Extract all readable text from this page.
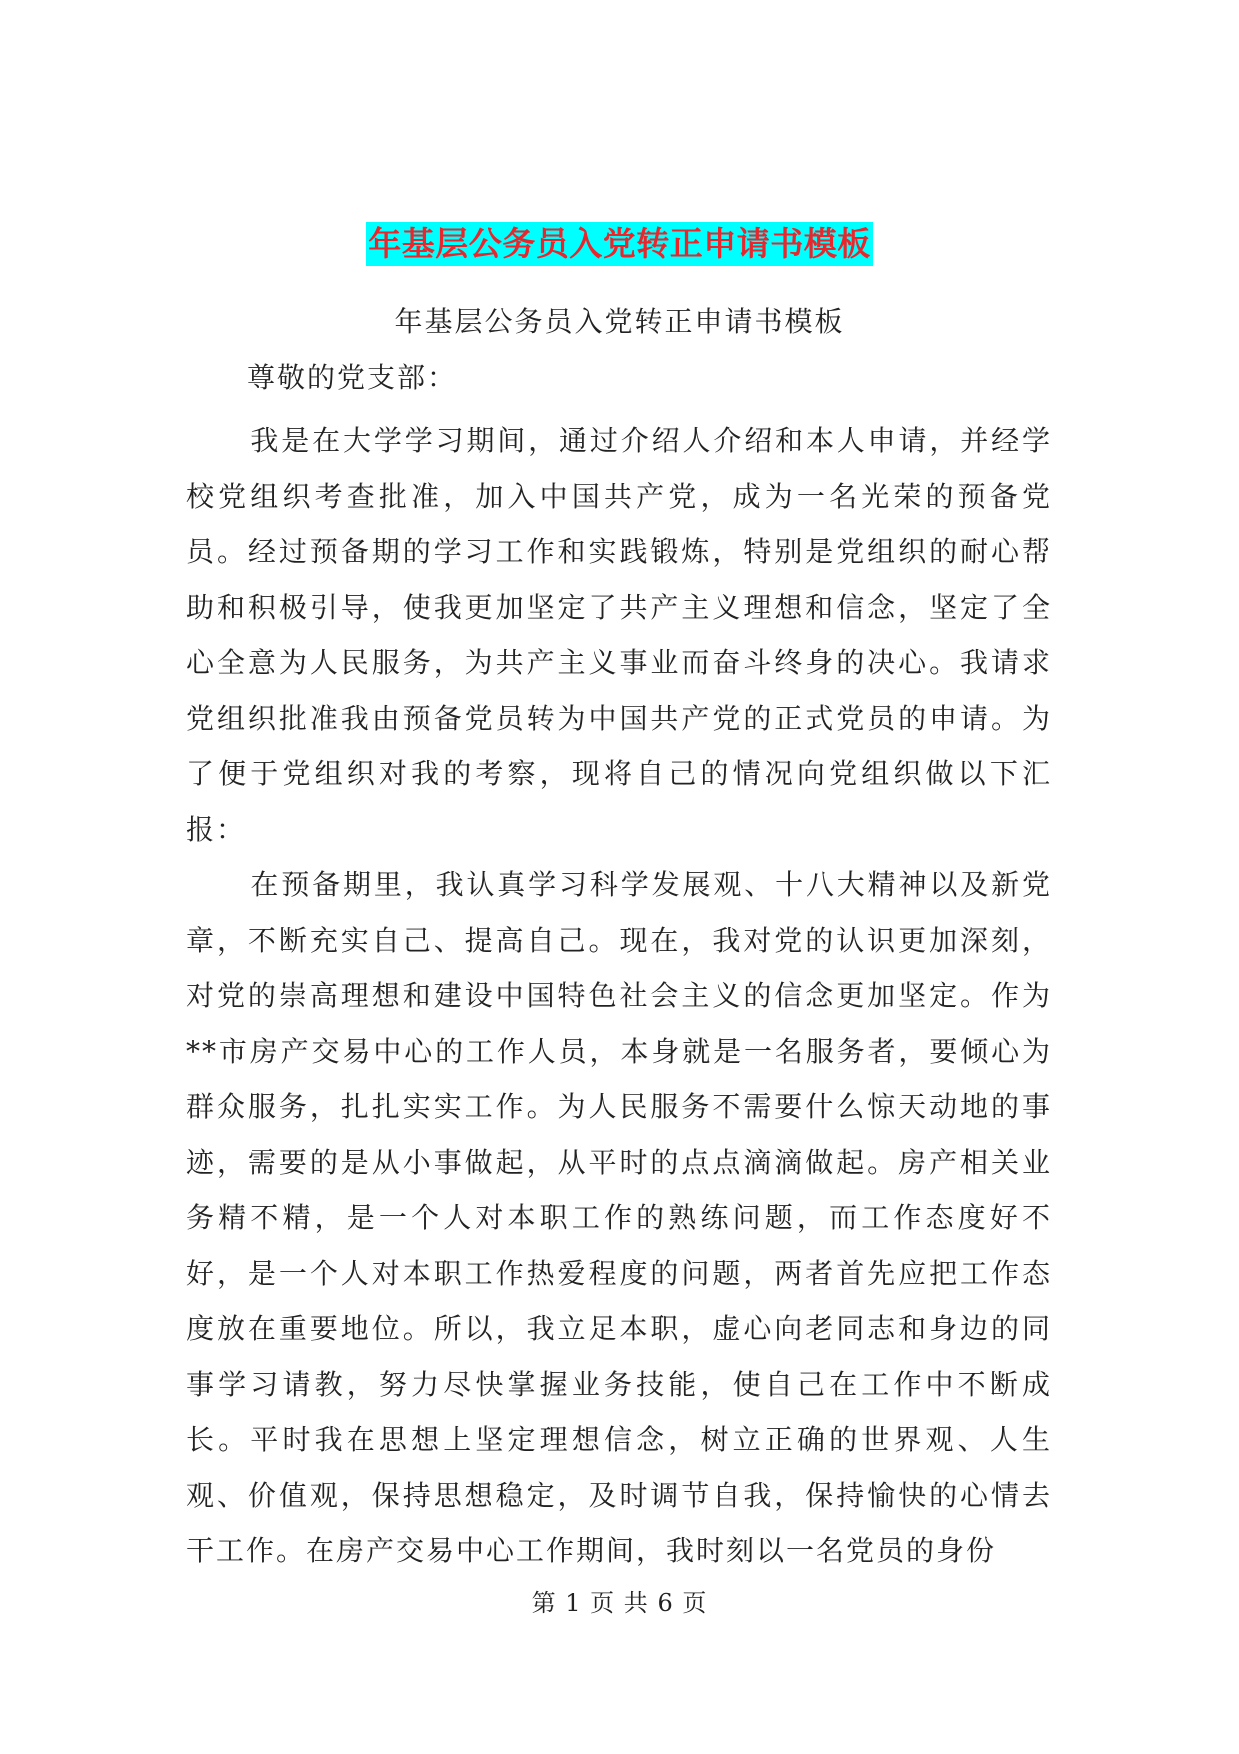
年基层公务员入党转正申请书模板
年基层公务员入党转正申请书模板
尊敬的党支部：

我是在大学学习期间，通过介绍人介绍和本人申请，并经学校党组织考查批准，加入中国共产党，成为一名光荣的预备党员。经过预备期的学习工作和实践锻炼，特别是党组织的耐心帮助和积极引导，使我更加坚定了共产主义理想和信念，坚定了全心全意为人民服务，为共产主义事业而奋斗终身的决心。我请求党组织批准我由预备党员转为中国共产党的正式党员的申请。为了便于党组织对我的考察，现将自己的情况向党组织做以下汇报：

在预备期里，我认真学习科学发展观、十八大精神以及新党章，不断充实自己、提高自己。现在，我对党的认识更加深刻，对党的崇高理想和建设中国特色社会主义的信念更加坚定。作为**市房产交易中心的工作人员，本身就是一名服务者，要倾心为群众服务，扎扎实实工作。为人民服务不需要什么惊天动地的事迹，需要的是从小事做起，从平时的点点滴滴做起。房产相关业务精不精，是一个人对本职工作的熟练问题，而工作态度好不好，是一个人对本职工作热爱程度的问题，两者首先应把工作态度放在重要地位。所以，我立足本职，虚心向老同志和身边的同事学习请教，努力尽快掌握业务技能，使自己在工作中不断成长。平时我在思想上坚定理想信念，树立正确的世界观、人生观、价值观，保持思想稳定，及时调节自我，保持愉快的心情去干工作。在房产交易中心工作期间，我时刻以一名党员的身份

第 1 页 共 6 页
